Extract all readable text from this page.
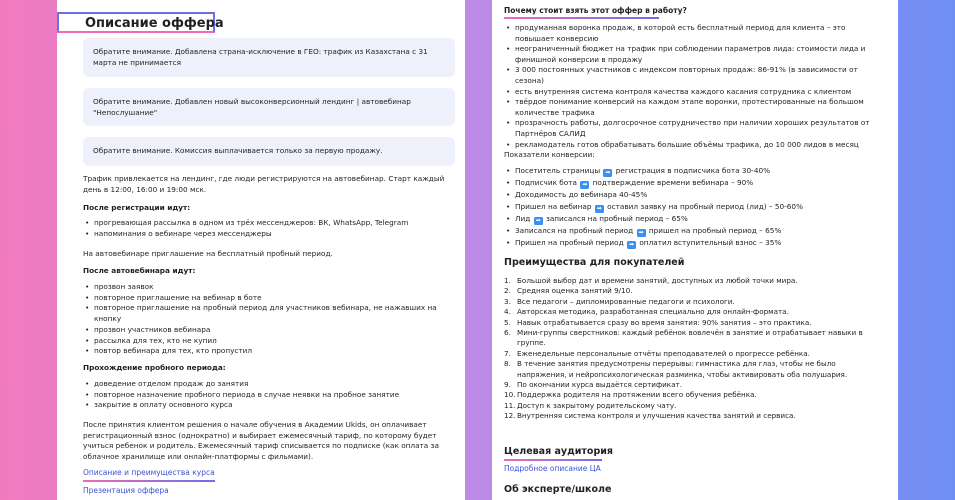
Описание оффера
Обратите внимание. Добавлена страна-исключение в ГЕО: трафик из Казахстана с 31 марта не принимается
Обратите внимание. Добавлен новый высоконверсионный лендинг | автовебинар "Непослушание"
Обратите внимание. Комиссия выплачивается только за первую продажу.
Трафик привлекается на лендинг, где люди регистрируются на автовебинар. Старт каждый день в 12:00, 16:00 и 19:00 мск.
После регистрации идут:
• прогревающая рассылка в одном из трёх мессенджеров: ВК, WhatsApp, Telegram
• напоминания о вебинаре через мессенджеры
На автовебинаре приглашение на бесплатный пробный период.
После автовебинара идут:
• прозвон заявок
• повторное приглашение на вебинар в боте
• повторное приглашение на пробный период для участников вебинара, не нажавших на кнопку
• прозвон участников вебинара
• рассылка для тех, кто не купил
• повтор вебинара для тех, кто пропустил
Прохождение пробного периода:
• доведение отделом продаж до занятия
• повторное назначение пробного периода в случае неявки на пробное занятие
• закрытие в оплату основного курса
После принятия клиентом решения о начале обучения в Академии Ukids, он оплачивает регистрационный взнос (однократно) и выбирает ежемесячный тариф, по которому будет учиться ребенок и родитель. Ежемесячный тариф списывается по подписке (как оплата за облачное хранилище или онлайн-платформы с фильмами).
Описание и преимущества курса
Презентация оффера
Почему стоит взять этот оффер в работу?
• продуманная воронка продаж, в которой есть бесплатный период для клиента – это повышает конверсию
• неограниченный бюджет на трафик при соблюдении параметров лида: стоимости лида и финишной конверсии в продажу
• 3 000 постоянных участников с индексом повторных продаж: 86-91% (в зависимости от сезона)
• есть внутренняя система контроля качества каждого касания сотрудника с клиентом
• твёрдое понимание конверсий на каждом этапе воронки, протестированные на большом количестве трафика
• прозрачность работы, долгосрочное сотрудничество при наличии хороших результатов от Партнёров САЛИД
• рекламодатель готов обрабатывать большие объёмы трафика, до 10 000 лидов в месяц
Показатели конверсии:
• Посетитель страницы ➡ регистрация в подписчика бота 30-40%
• Подписчик бота ➡ подтверждение времени вебинара – 90%
• Доходимость до вебинара 40-45%
• Пришел на вебинар ➡ оставил заявку на пробный период (лид) – 50-60%
• Лид ➡ записался на пробный период – 65%
• Записался на пробный период ➡ пришел на пробный период – 65%
• Пришел на пробный период ➡ оплатил вступительный взнос – 35%
Преимущества для покупателей
1. Большой выбор дат и времени занятий, доступных из любой точки мира.
2. Средняя оценка занятий 9/10.
3. Все педагоги – дипломированные педагоги и психологи.
4. Авторская методика, разработанная специально для онлайн-формата.
5. Навык отрабатывается сразу во время занятия: 90% занятия – это практика.
6. Мини-группы сверстников: каждый ребёнок вовлечён в занятие и отрабатывает навыки в группе.
7. Еженедельные персональные отчёты преподавателей о прогрессе ребёнка.
8. В течение занятия предусмотрены перерывы: гимнастика для глаз, чтобы не было напряжения, и нейропсихологическая разминка, чтобы активировать оба полушария.
9. По окончании курса выдаётся сертификат.
10. Поддержка родителя на протяжении всего обучения ребёнка.
11. Доступ к закрытому родительскому чату.
12. Внутренняя система контроля и улучшения качества занятий и сервиса.
Целевая аудитория
Подробное описание ЦА
Об эксперте/школе
